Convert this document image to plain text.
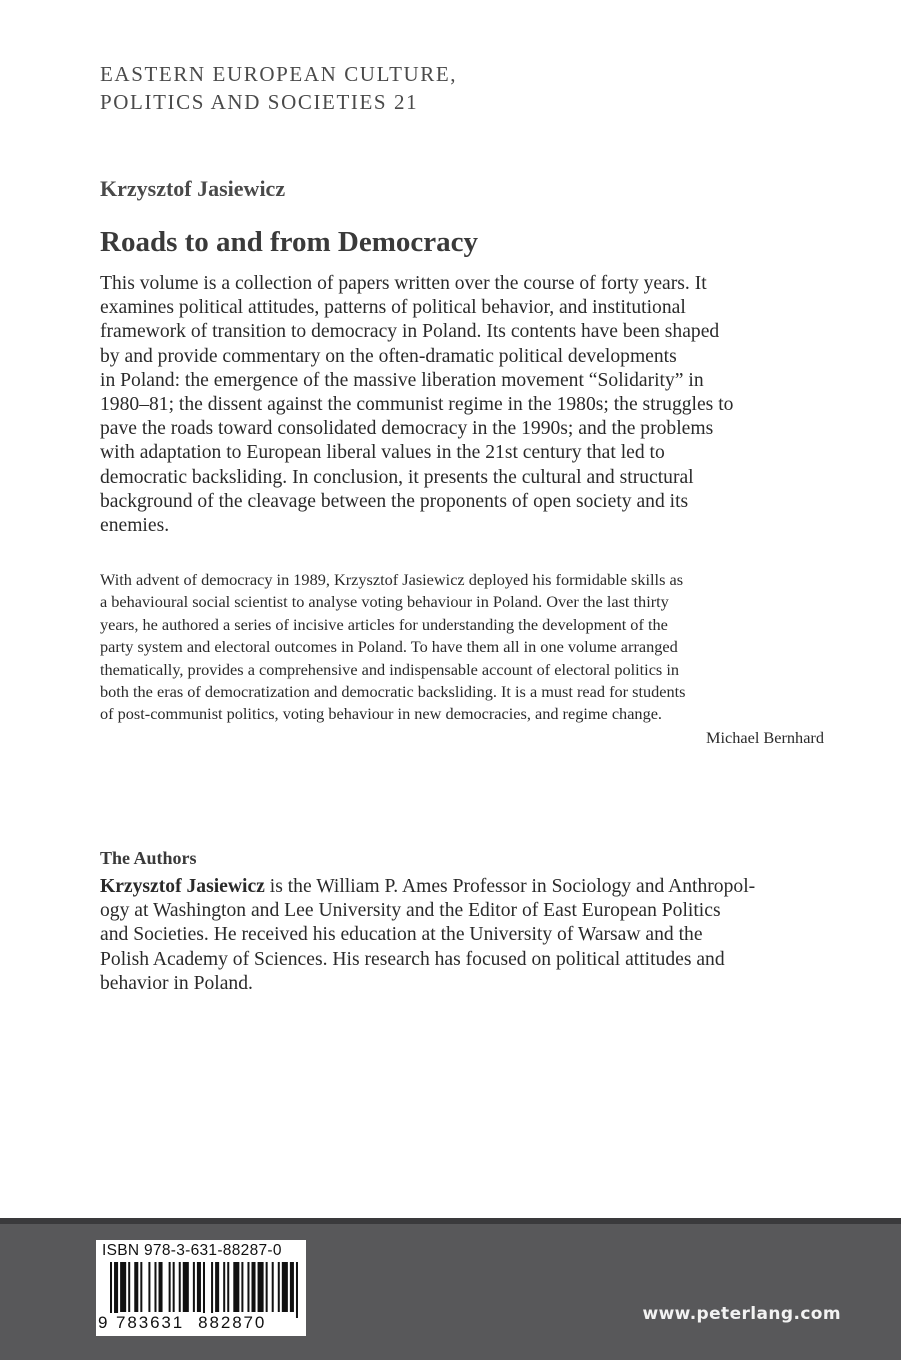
EASTERN EUROPEAN CULTURE,
POLITICS AND SOCIETIES 21
Krzysztof Jasiewicz
Roads to and from Democracy
This volume is a collection of papers written over the course of forty years. It
examines political attitudes, patterns of political behavior, and institutional
framework of transition to democracy in Poland. Its contents have been shaped
by and provide commentary on the often-dramatic political developments
in Poland: the emergence of the massive liberation movement “Solidarity” in
1980–81; the dissent against the communist regime in the 1980s; the struggles to
pave the roads toward consolidated democracy in the 1990s; and the problems
with adaptation to European liberal values in the 21st century that led to
democratic backsliding. In conclusion, it presents the cultural and structural
background of the cleavage between the proponents of open society and its
enemies.
With advent of democracy in 1989, Krzysztof Jasiewicz deployed his formidable skills as
a behavioural social scientist to analyse voting behaviour in Poland. Over the last thirty
years, he authored a series of incisive articles for understanding the development of the
party system and electoral outcomes in Poland. To have them all in one volume arranged
thematically, provides a comprehensive and indispensable account of electoral politics in
both the eras of democratization and democratic backsliding. It is a must read for students
of post-communist politics, voting behaviour in new democracies, and regime change.
Michael Bernhard
The Authors
Krzysztof Jasiewicz is the William P. Ames Professor in Sociology and Anthropol-
ogy at Washington and Lee University and the Editor of East European Politics
and Societies. He received his education at the University of Warsaw and the
Polish Academy of Sciences. His research has focused on political attitudes and
behavior in Poland.
ISBN 978-3-631-88287-0
9 783631 882870	www.peterlang.com
